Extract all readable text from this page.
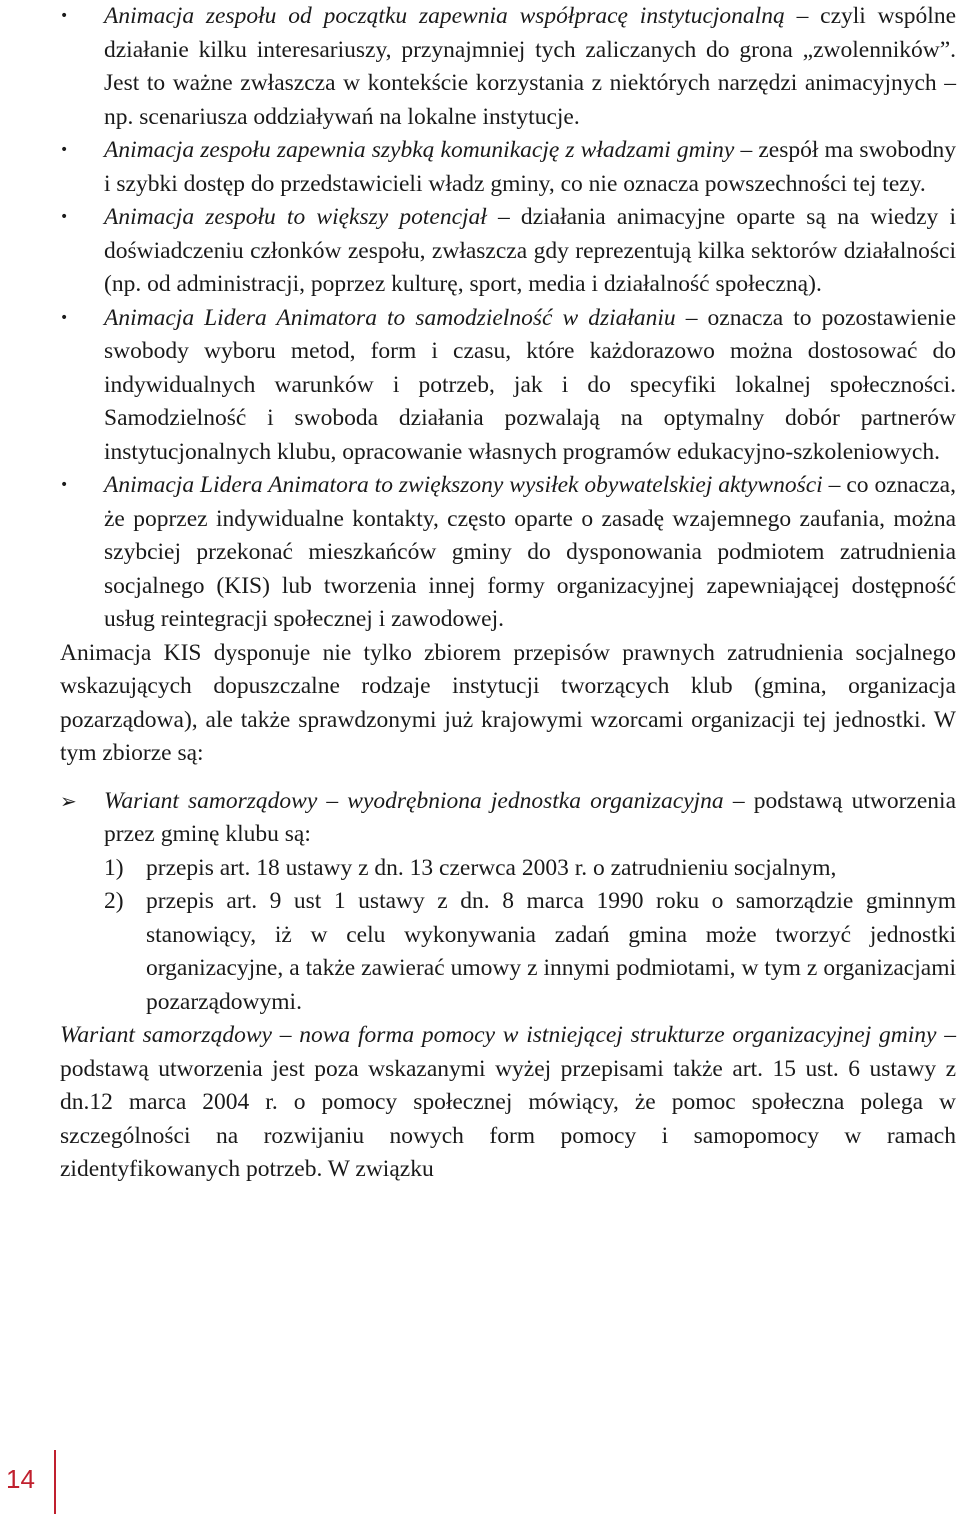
• Animacja zespołu od początku zapewnia współpracę instytucjonalną – czyli wspólne działanie kilku interesariuszy, przynajmniej tych zaliczanych do grona „zwolenników”. Jest to ważne zwłaszcza w kontekście korzystania z niektórych narzędzi animacyjnych – np. scenariusza oddziaływań na lokalne instytucje.
• Animacja zespołu zapewnia szybką komunikację z władzami gminy – zespół ma swobodny i szybki dostęp do przedstawicieli władz gminy, co nie oznacza powszechności tej tezy.
• Animacja zespołu to większy potencjał – działania animacyjne oparte są na wiedzy i doświadczeniu członków zespołu, zwłaszcza gdy reprezentują kilka sektorów działalności (np. od administracji, poprzez kulturę, sport, media i działalność społeczną).
• Animacja Lidera Animatora to samodzielność w działaniu – oznacza to pozostawienie swobody wyboru metod, form i czasu, które każdorazowo można dostosować do indywidualnych warunków i potrzeb, jak i do specyfiki lokalnej społeczności. Samodzielność i swoboda działania pozwalają na optymalny dobór partnerów instytucjonalnych klubu, opracowanie własnych programów edukacyjno-szkoleniowych.
• Animacja Lidera Animatora to zwiększony wysiłek obywatelskiej aktywności – co oznacza, że poprzez indywidualne kontakty, często oparte o zasadę wzajemnego zaufania, można szybciej przekonać mieszkańców gminy do dysponowania podmiotem zatrudnienia socjalnego (KIS) lub tworzenia innej formy organizacyjnej zapewniającej dostępność usług reintegracji społecznej i zawodowej.

Animacja KIS dysponuje nie tylko zbiorem przepisów prawnych zatrudnienia socjalnego wskazujących dopuszczalne rodzaje instytucji tworzących klub (gmina, organizacja pozarządowa), ale także sprawdzonymi już krajowymi wzorcami organizacji tej jednostki. W tym zbiorze są:

➢ Wariant samorządowy – wyodrębniona jednostka organizacyjna – podstawą utworzenia przez gminę klubu są:
1) przepis art. 18 ustawy z dn. 13 czerwca 2003 r. o zatrudnieniu socjalnym,
2) przepis art. 9 ust 1 ustawy z dn. 8 marca 1990 roku o samorządzie gminnym stanowiący, iż w celu wykonywania zadań gmina może tworzyć jednostki organizacyjne, a także zawierać umowy z innymi podmiotami, w tym z organizacjami pozarządowymi.

Wariant samorządowy – nowa forma pomocy w istniejącej strukturze organizacyjnej gminy – podstawą utworzenia jest poza wskazanymi wyżej przepisami także art. 15 ust. 6 ustawy z dn.12 marca 2004 r. o pomocy społecznej mówiący, że pomoc społeczna polega w szczególności na rozwijaniu nowych form pomocy i samopomocy w ramach zidentyfikowanych potrzeb. W związku

14
